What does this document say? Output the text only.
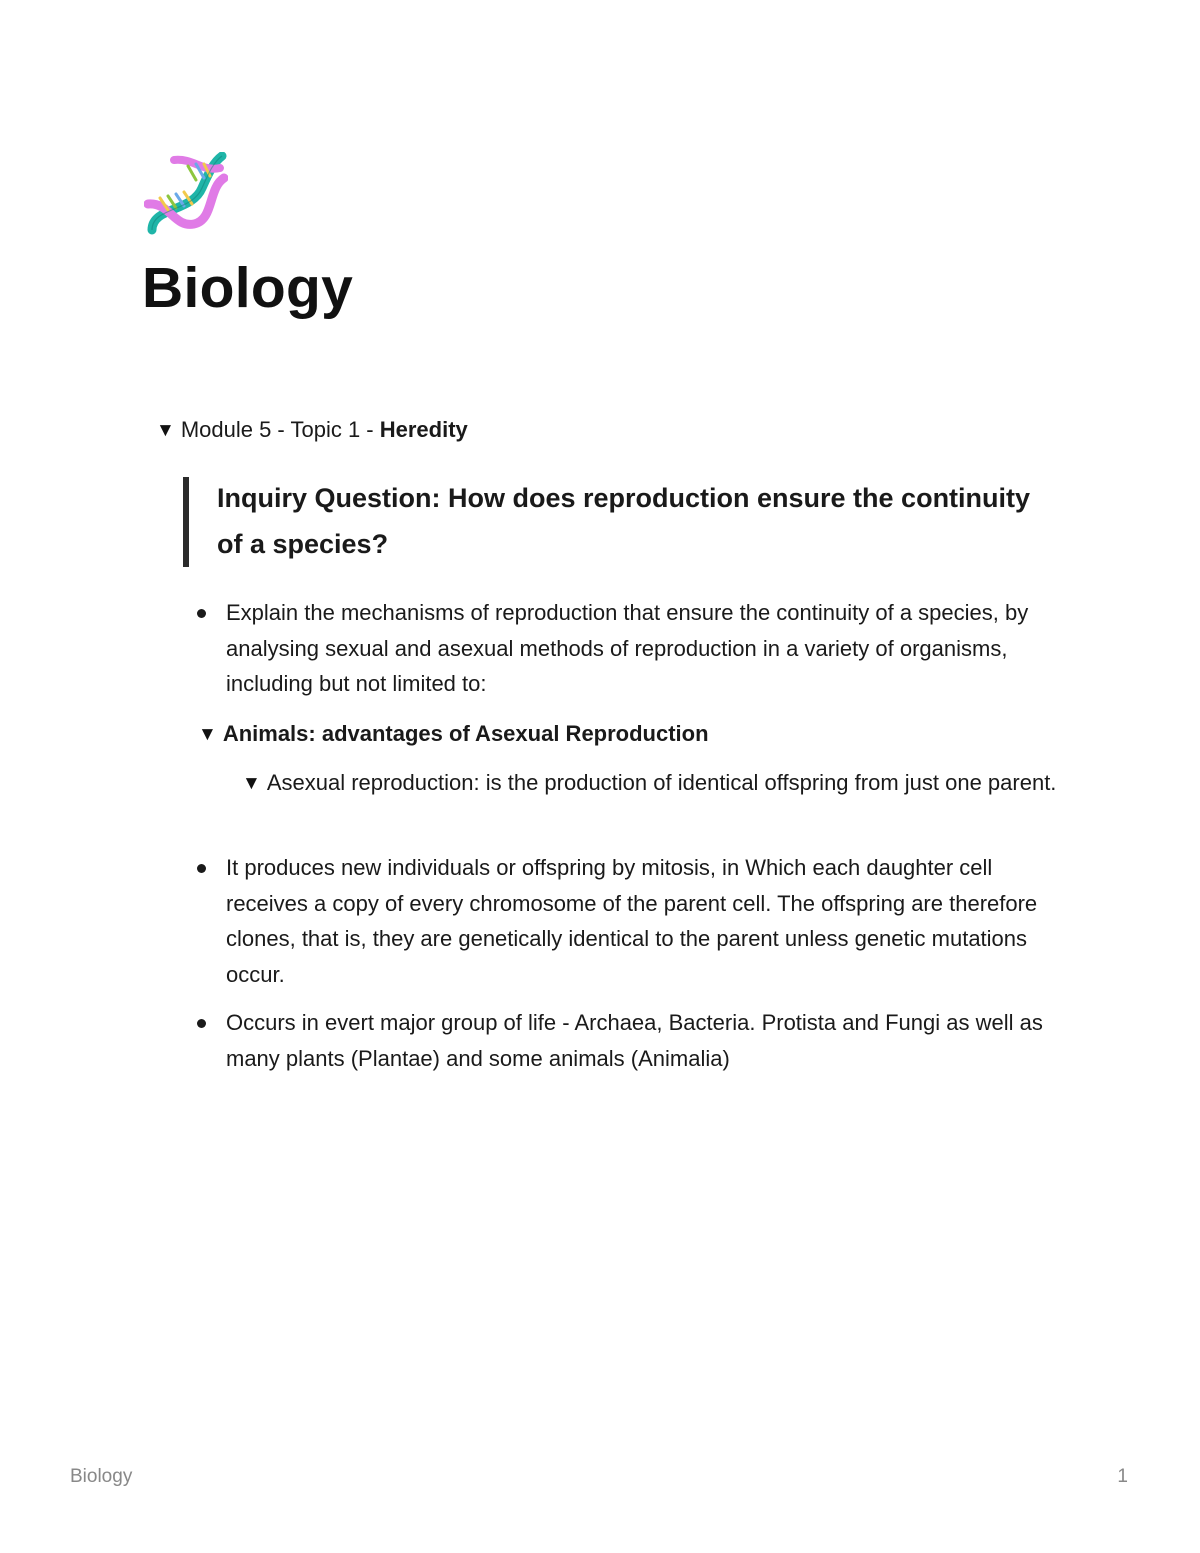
Biology
▼ Module 5 - Topic 1 - Heredity

Inquiry Question: How does reproduction ensure the continuity of a species?

Explain the mechanisms of reproduction that ensure the continuity of a species, by analysing sexual and asexual methods of reproduction in a variety of organisms, including but not limited to:
▼ Animals: advantages of Asexual Reproduction
▼ Asexual reproduction: is the production of identical offspring from just one parent.
It produces new individuals or offspring by mitosis, in Which each daughter cell receives a copy of every chromosome of the parent cell. The offspring are therefore clones, that is, they are genetically identical to the parent unless genetic mutations occur.
Occurs in evert major group of life - Archaea, Bacteria. Protista and Fungi as well as many plants (Plantae) and some animals (Animalia)
Biology	1
